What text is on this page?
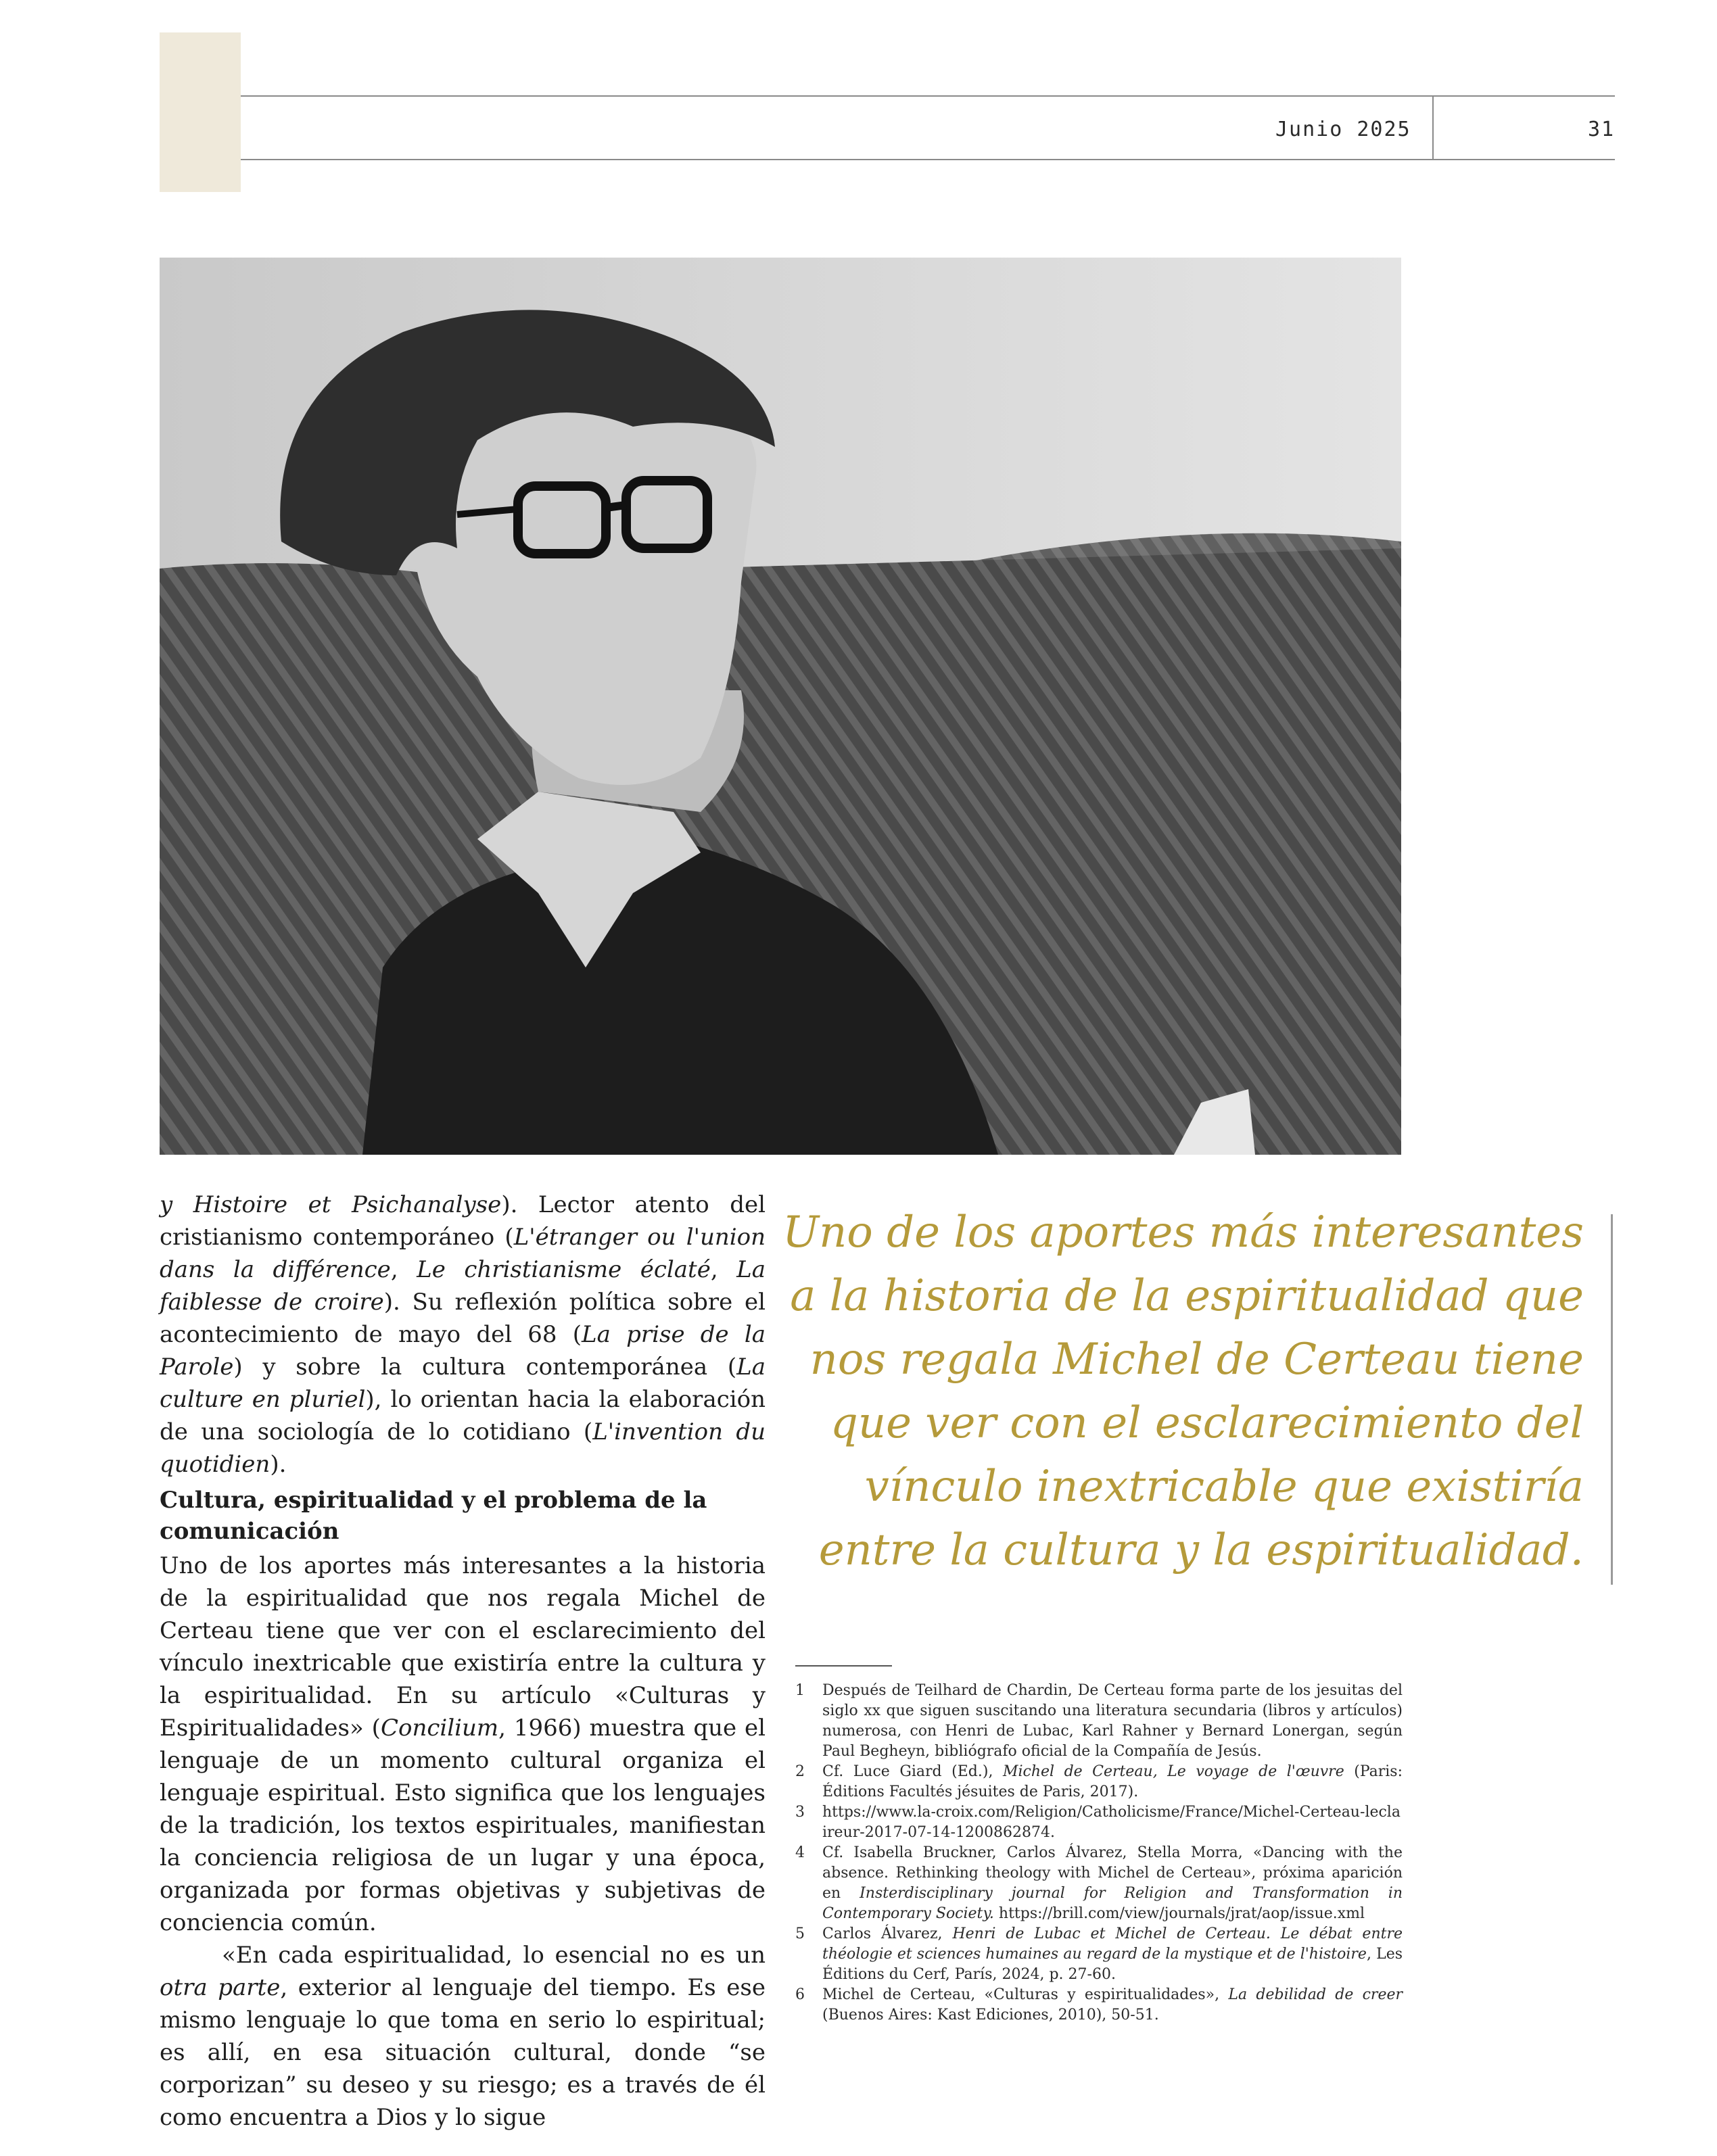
Junio 2025	31

y Histoire et Psichanalyse). Lector atento del cristianismo contemporáneo (L'étranger ou l'union dans la différence, Le christianisme éclaté, La faiblesse de croire). Su reflexión política sobre el acontecimiento de mayo del 68 (La prise de la Parole) y sobre la cultura contemporánea (La culture en pluriel), lo orientan hacia la elaboración de una sociología de lo cotidiano (L'invention du quotidien).

Cultura, espiritualidad y el problema de la comunicación

Uno de los aportes más interesantes a la historia de la espiritualidad que nos regala Michel de Certeau tiene que ver con el esclarecimiento del vínculo inextricable que existiría entre la cultura y la espiritualidad. En su artículo «Culturas y Espiritualidades» (Concilium, 1966) muestra que el lenguaje de un momento cultural organiza el lenguaje espiritual. Esto significa que los lenguajes de la tradición, los textos espirituales, manifiestan la conciencia religiosa de un lugar y una época, organizada por formas objetivas y subjetivas de conciencia común.

«En cada espiritualidad, lo esencial no es un otra parte, exterior al lenguaje del tiempo. Es ese mismo lenguaje lo que toma en serio lo espiritual; es allí, en esa situación cultural, donde “se corporizan” su deseo y su riesgo; es a través de él como encuentra a Dios y lo sigue

Uno de los aportes más interesantes a la historia de la espiritualidad que nos regala Michel de Certeau tiene que ver con el esclarecimiento del vínculo inextricable que existiría entre la cultura y la espiritualidad.

1	Después de Teilhard de Chardin, De Certeau forma parte de los jesuitas del siglo xx que siguen suscitando una literatura secundaria (libros y artículos) numerosa, con Henri de Lubac, Karl Rahner y Bernard Lonergan, según Paul Begheyn, bibliógrafo oficial de la Compañía de Jesús.

2	Cf. Luce Giard (Ed.), Michel de Certeau, Le voyage de l'œuvre (Paris: Éditions Facultés jésuites de Paris, 2017).

3	https://www.la-croix.com/Religion/Catholicisme/France/Michel-Certeau-leclaireur-2017-07-14-1200862874.

4	Cf. Isabella Bruckner, Carlos Álvarez, Stella Morra, «Dancing with the absence. Rethinking theology with Michel de Certeau», próxima aparición en Insterdisciplinary journal for Religion and Transformation in Contemporary Society. https://brill.com/view/journals/jrat/aop/issue.xml

5	Carlos Álvarez, Henri de Lubac et Michel de Certeau. Le débat entre théologie et sciences humaines au regard de la mystique et de l'histoire, Les Éditions du Cerf, París, 2024, p. 27-60.

6	Michel de Certeau, «Culturas y espiritualidades», La debilidad de creer (Buenos Aires: Kast Ediciones, 2010), 50-51.
